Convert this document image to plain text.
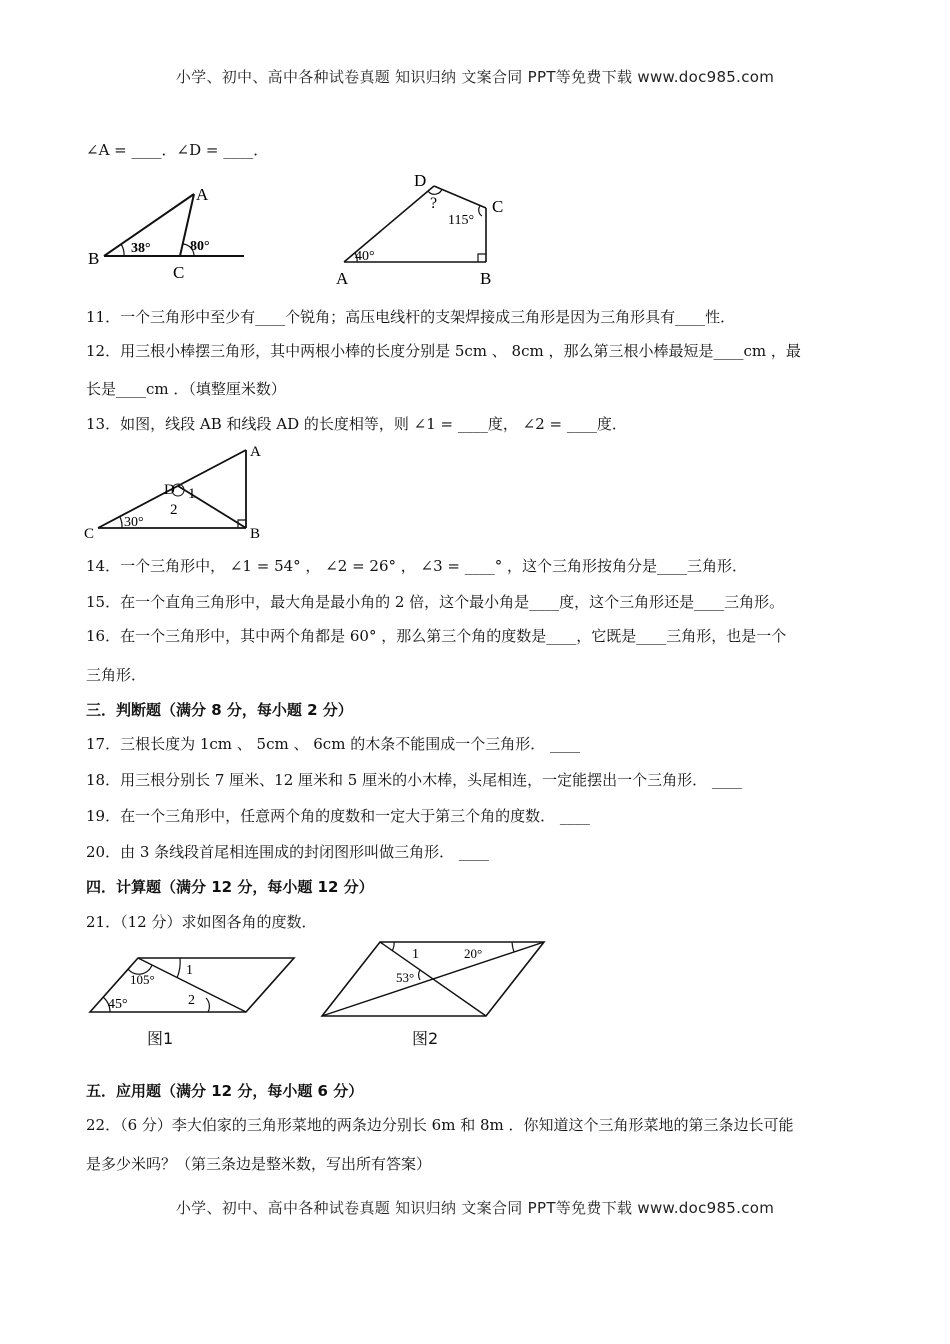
小学、初中、高中各种试卷真题 知识归纳 文案合同 PPT等免费下载 www.doc985.com
∠A = ____．∠D = ____．
B
A
C
38°	80°
D
C
A	B
?
115°
40°
11．一个三角形中至少有____个锐角；高压电线杆的支架焊接成三角形是因为三角形具有____性．
12．用三根小棒摆三角形，其中两根小棒的长度分别是 5cm 、 8cm ，那么第三根小棒最短是____cm ，最
长是____cm ．（填整厘米数）
13．如图，线段 AB 和线段 AD 的长度相等，则 ∠1 = ____度， ∠2 = ____度．
A
B
C
D 1
2
30°
14．一个三角形中， ∠1 = 54° ， ∠2 = 26° ， ∠3 = ____° ，这个三角形按角分是____三角形．
15．在一个直角三角形中，最大角是最小角的 2 倍，这个最小角是____度，这个三角形还是____三角形。
16．在一个三角形中，其中两个角都是 60° ，那么第三个角的度数是____，它既是____三角形，也是一个
三角形．
三．判断题（满分 8 分，每小题 2 分）
17．三根长度为 1cm 、 5cm 、 6cm 的木条不能围成一个三角形． ____
18．用三根分别长 7 厘米、12 厘米和 5 厘米的小木棒，头尾相连，一定能摆出一个三角形． ____
19．在一个三角形中，任意两个角的度数和一定大于第三个角的度数． ____
20．由 3 条线段首尾相连围成的封闭图形叫做三角形． ____
四．计算题（满分 12 分，每小题 12 分）
21．（12 分）求如图各角的度数．
105°
45°
1
2
图1
1	20°
53°
图2
五．应用题（满分 12 分，每小题 6 分）
22．（6 分）李大伯家的三角形菜地的两条边分别长 6m 和 8m ．你知道这个三角形菜地的第三条边长可能
是多少米吗？（第三条边是整米数，写出所有答案）
小学、初中、高中各种试卷真题 知识归纳 文案合同 PPT等免费下载 www.doc985.com
